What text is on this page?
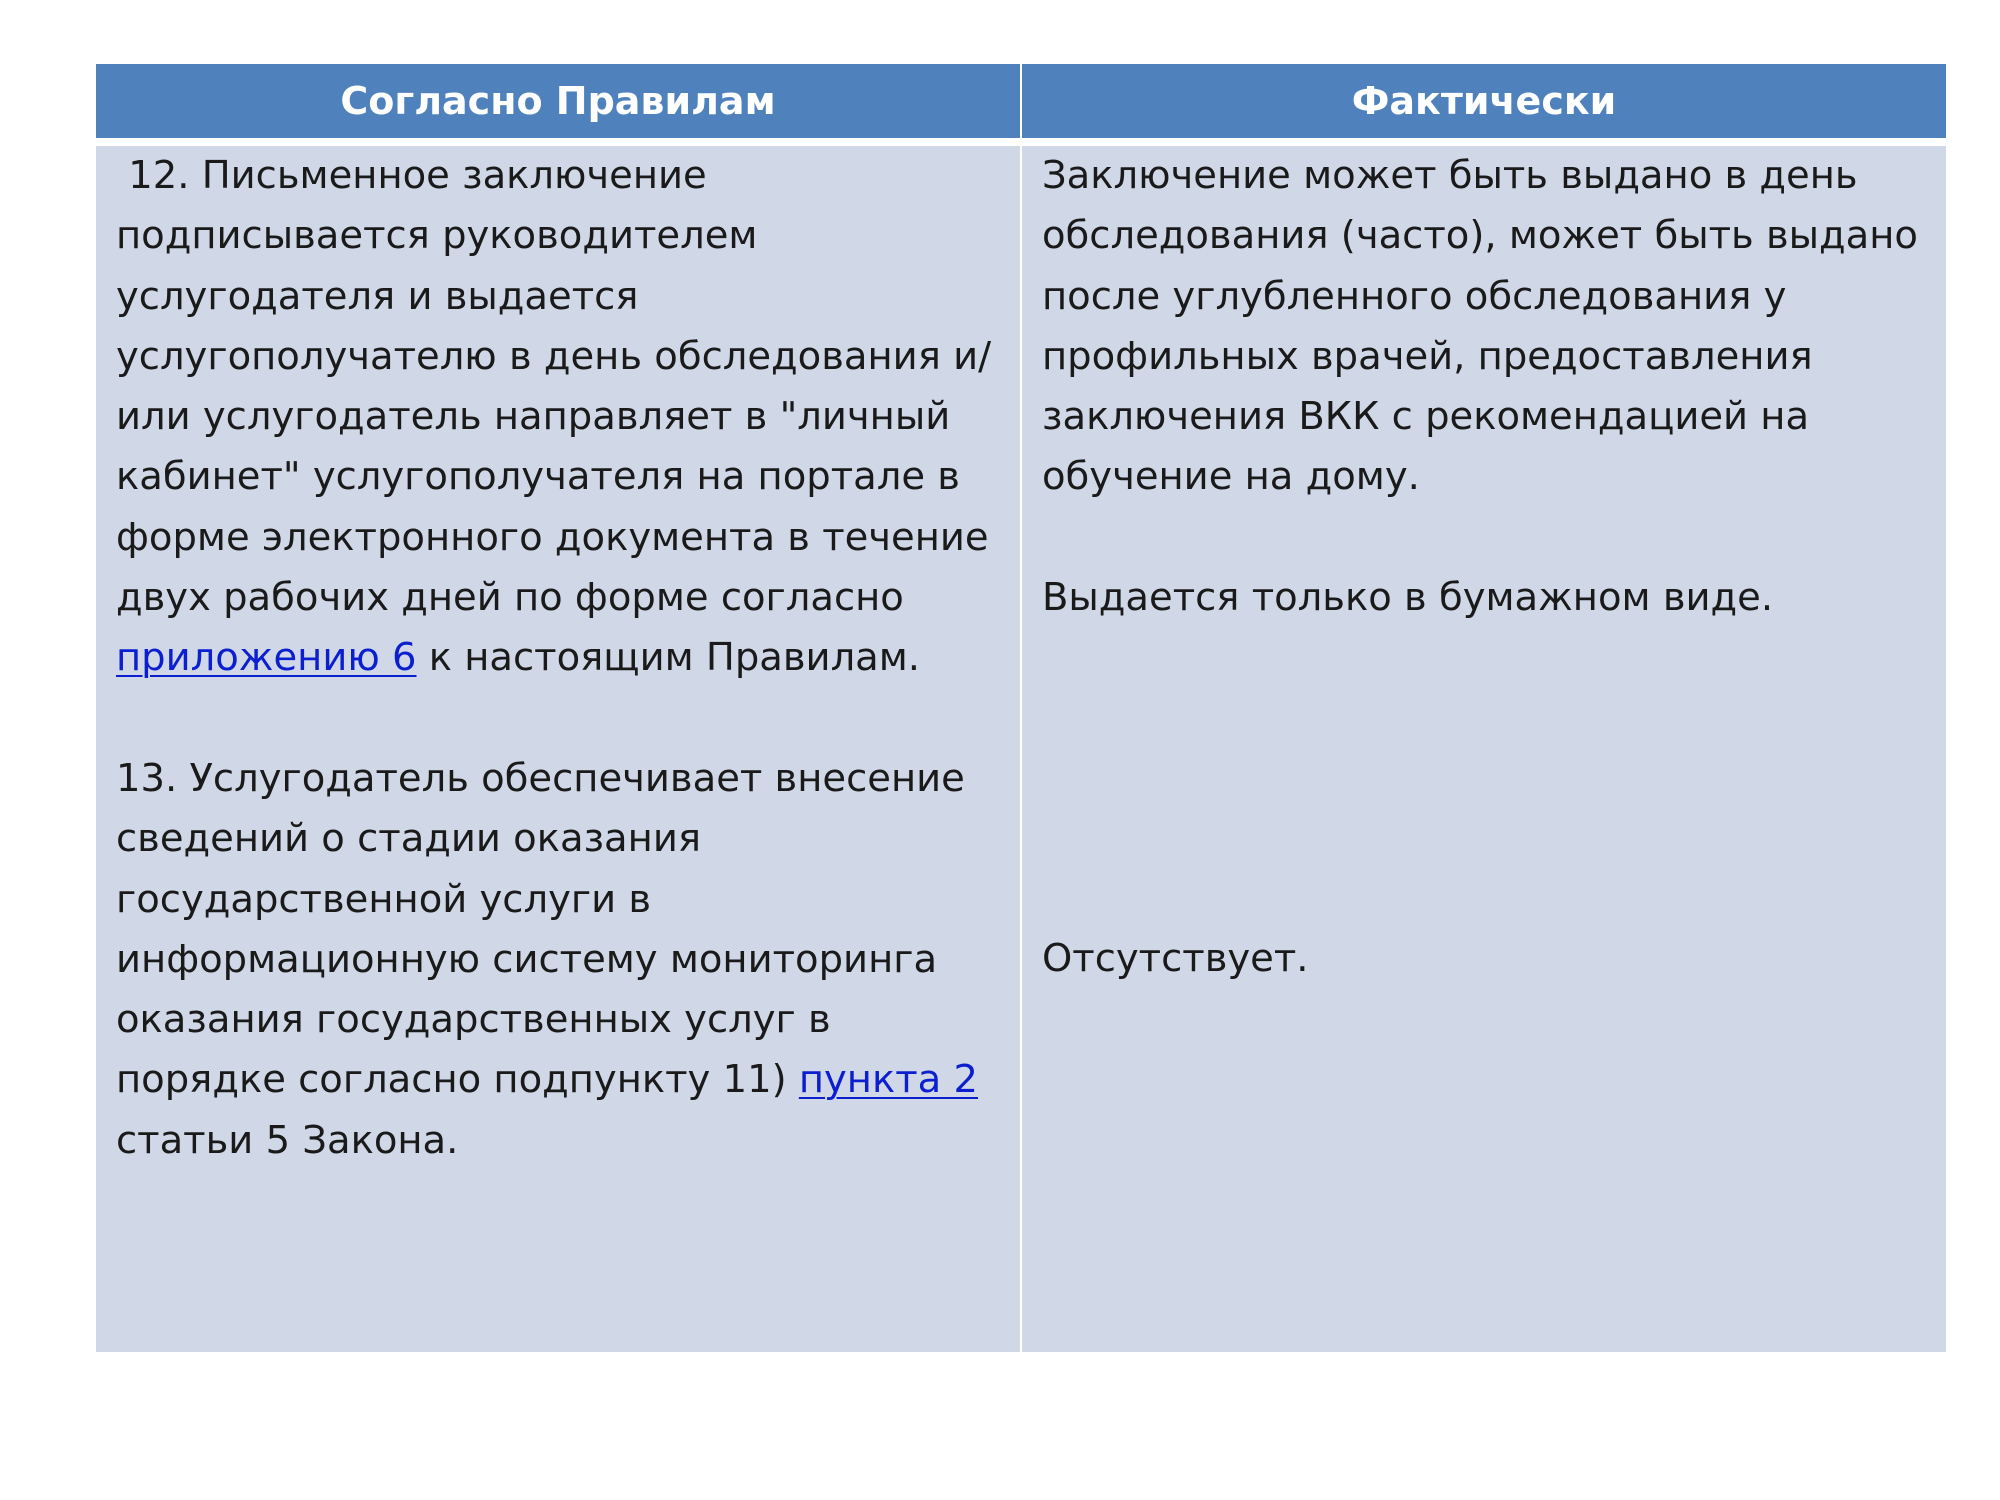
Согласно Правилам	Фактически

12. Письменное заключение подписывается руководителем услугодателя и выдается услугополучателю в день обследования и/или услугодатель направляет в "личный кабинет" услугополучателя на портале в форме электронного документа в течение двух рабочих дней по форме согласно приложению 6 к настоящим Правилам.

13. Услугодатель обеспечивает внесение сведений о стадии оказания государственной услуги в информационную систему мониторинга оказания государственных услуг в порядке согласно подпункту 11) пункта 2 статьи 5 Закона.

Заключение может быть выдано в день обследования (часто), может быть выдано после углубленного обследования у профильных врачей, предоставления заключения ВКК с рекомендацией на обучение на дому.

Выдается только в бумажном виде.

Отсутствует.
